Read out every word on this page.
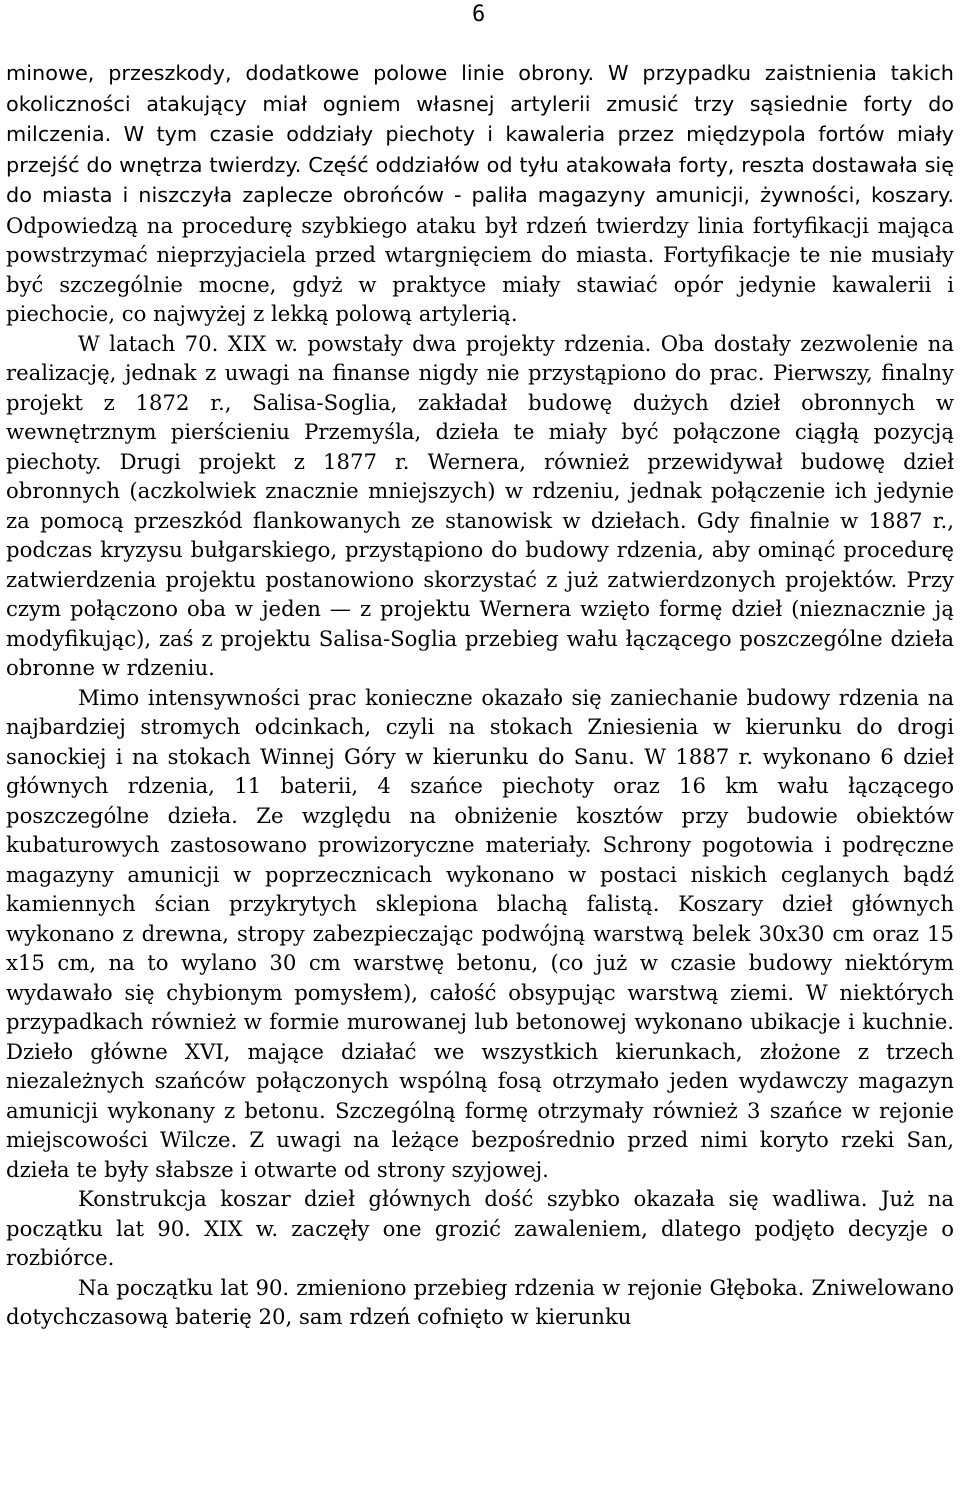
6

minowe, przeszkody, dodatkowe polowe linie obrony. W przypadku zaistnienia takich okoliczności atakujący miał ogniem własnej artylerii zmusić trzy sąsiednie forty do milczenia. W tym czasie oddziały piechoty i kawaleria przez międzypola fortów miały przejść do wnętrza twierdzy. Część oddziałów od tyłu atakowała forty, reszta dostawała się do miasta i niszczyła zaplecze obrońców - paliła magazyny amunicji, żywności, koszary. Odpowiedzą na procedurę szybkiego ataku był rdzeń twierdzy linia fortyfikacji mająca powstrzymać nieprzyjaciela przed wtargnięciem do miasta. Fortyfikacje te nie musiały być szczególnie mocne, gdyż w praktyce miały stawiać opór jedynie kawalerii i piechocie, co najwyżej z lekką polową artylerią.

W latach 70. XIX w. powstały dwa projekty rdzenia. Oba dostały zezwolenie na realizację, jednak z uwagi na finanse nigdy nie przystąpiono do prac. Pierwszy, finalny projekt z 1872 r., Salisa-Soglia, zakładał budowę dużych dzieł obronnych w wewnętrznym pierścieniu Przemyśla, dzieła te miały być połączone ciągłą pozycją piechoty. Drugi projekt z 1877 r. Wernera, również przewidywał budowę dzieł obronnych (aczkolwiek znacznie mniejszych) w rdzeniu, jednak połączenie ich jedynie za pomocą przeszkód flankowanych ze stanowisk w dziełach. Gdy finalnie w 1887 r., podczas kryzysu bułgarskiego, przystąpiono do budowy rdzenia, aby ominąć procedurę zatwierdzenia projektu postanowiono skorzystać z już zatwierdzonych projektów. Przy czym połączono oba w jeden — z projektu Wernera wzięto formę dzieł (nieznacznie ją modyfikując), zaś z projektu Salisa-Soglia przebieg wału łączącego poszczególne dzieła obronne w rdzeniu.

Mimo intensywności prac konieczne okazało się zaniechanie budowy rdzenia na najbardziej stromych odcinkach, czyli na stokach Zniesienia w kierunku do drogi sanockiej i na stokach Winnej Góry w kierunku do Sanu. W 1887 r. wykonano 6 dzieł głównych rdzenia, 11 baterii, 4 szańce piechoty oraz 16 km wału łączącego poszczególne dzieła. Ze względu na obniżenie kosztów przy budowie obiektów kubaturowych zastosowano prowizoryczne materiały. Schrony pogotowia i podręczne magazyny amunicji w poprzecznicach wykonano w postaci niskich ceglanych bądź kamiennych ścian przykrytych sklepiona blachą falistą. Koszary dzieł głównych wykonano z drewna, stropy zabezpieczając podwójną warstwą belek 30x30 cm oraz 15 x15 cm, na to wylano 30 cm warstwę betonu, (co już w czasie budowy niektórym wydawało się chybionym pomysłem), całość obsypując warstwą ziemi. W niektórych przypadkach również w formie murowanej lub betonowej wykonano ubikacje i kuchnie. Dzieło główne XVI, mające działać we wszystkich kierunkach, złożone z trzech niezależnych szańców połączonych wspólną fosą otrzymało jeden wydawczy magazyn amunicji wykonany z betonu. Szczególną formę otrzymały również 3 szańce w rejonie miejscowości Wilcze. Z uwagi na leżące bezpośrednio przed nimi koryto rzeki San, dzieła te były słabsze i otwarte od strony szyjowej.

Konstrukcja koszar dzieł głównych dość szybko okazała się wadliwa. Już na początku lat 90. XIX w. zaczęły one grozić zawaleniem, dlatego podjęto decyzje o rozbiórce.

Na początku lat 90. zmieniono przebieg rdzenia w rejonie Głęboka. Zniwelowano dotychczasową baterię 20, sam rdzeń cofnięto w kierunku
